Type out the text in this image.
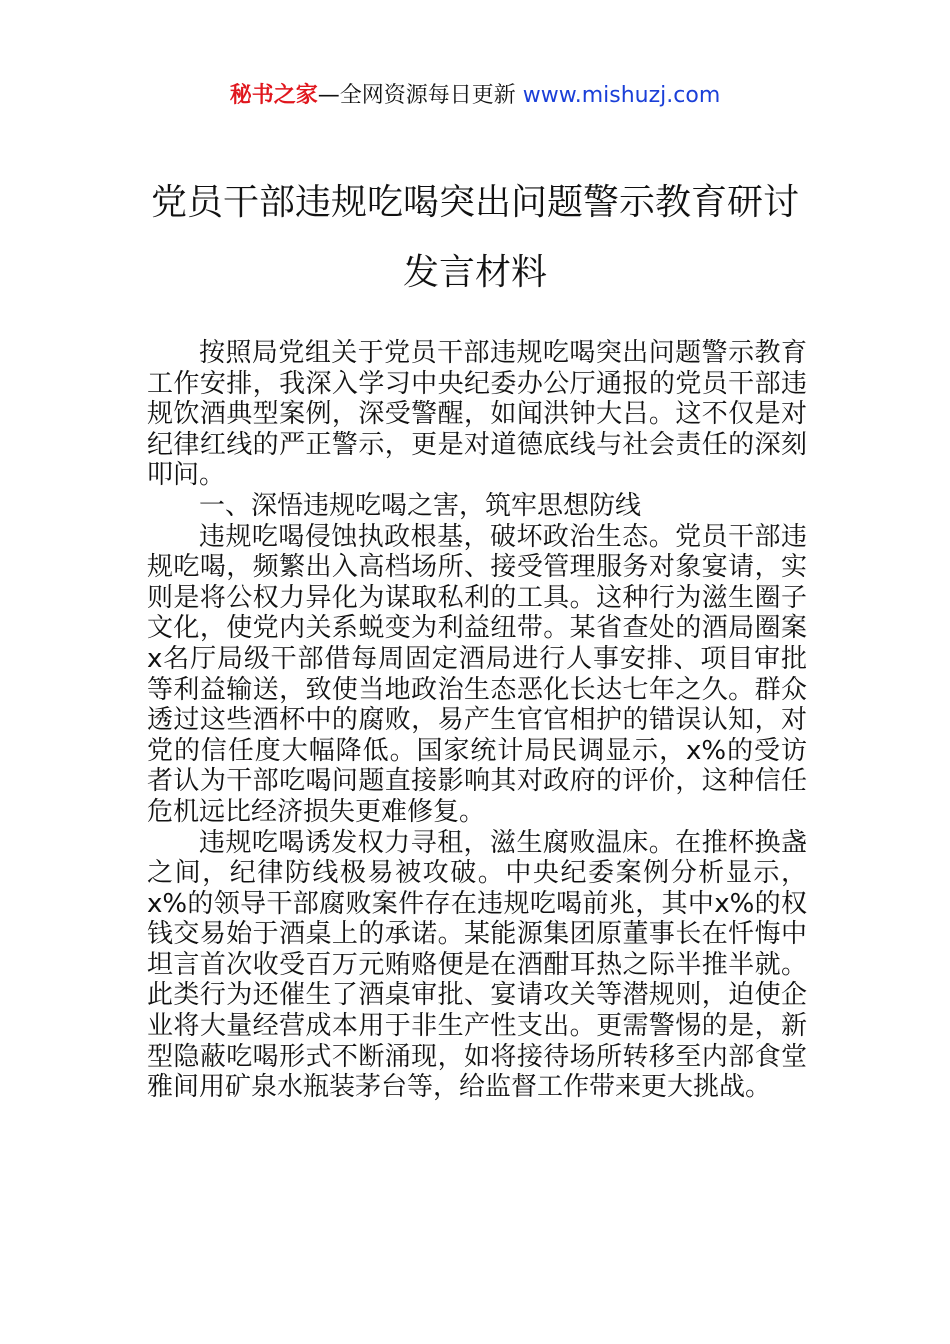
秘书之家—全网资源每日更新 www.mishuzj.com
党员干部违规吃喝突出问题警示教育研讨
发言材料

按照局党组关于党员干部违规吃喝突出问题警示教育工作安排，我深入学习中央纪委办公厅通报的党员干部违规饮酒典型案例，深受警醒，如闻洪钟大吕。这不仅是对纪律红线的严正警示，更是对道德底线与社会责任的深刻叩问。

一、深悟违规吃喝之害，筑牢思想防线

违规吃喝侵蚀执政根基，破坏政治生态。党员干部违规吃喝，频繁出入高档场所、接受管理服务对象宴请，实则是将公权力异化为谋取私利的工具。这种行为滋生圈子文化，使党内关系蜕变为利益纽带。某省查处的酒局圈案x名厅局级干部借每周固定酒局进行人事安排、项目审批等利益输送，致使当地政治生态恶化长达七年之久。群众透过这些酒杯中的腐败，易产生官官相护的错误认知，对党的信任度大幅降低。国家统计局民调显示，x%的受访者认为干部吃喝问题直接影响其对政府的评价，这种信任危机远比经济损失更难修复。

违规吃喝诱发权力寻租，滋生腐败温床。在推杯换盏之间，纪律防线极易被攻破。中央纪委案例分析显示，x%的领导干部腐败案件存在违规吃喝前兆，其中x%的权钱交易始于酒桌上的承诺。某能源集团原董事长在忏悔中坦言首次收受百万元贿赂便是在酒酣耳热之际半推半就。此类行为还催生了酒桌审批、宴请攻关等潜规则，迫使企业将大量经营成本用于非生产性支出。更需警惕的是，新型隐蔽吃喝形式不断涌现，如将接待场所转移至内部食堂雅间用矿泉水瓶装茅台等，给监督工作带来更大挑战。
